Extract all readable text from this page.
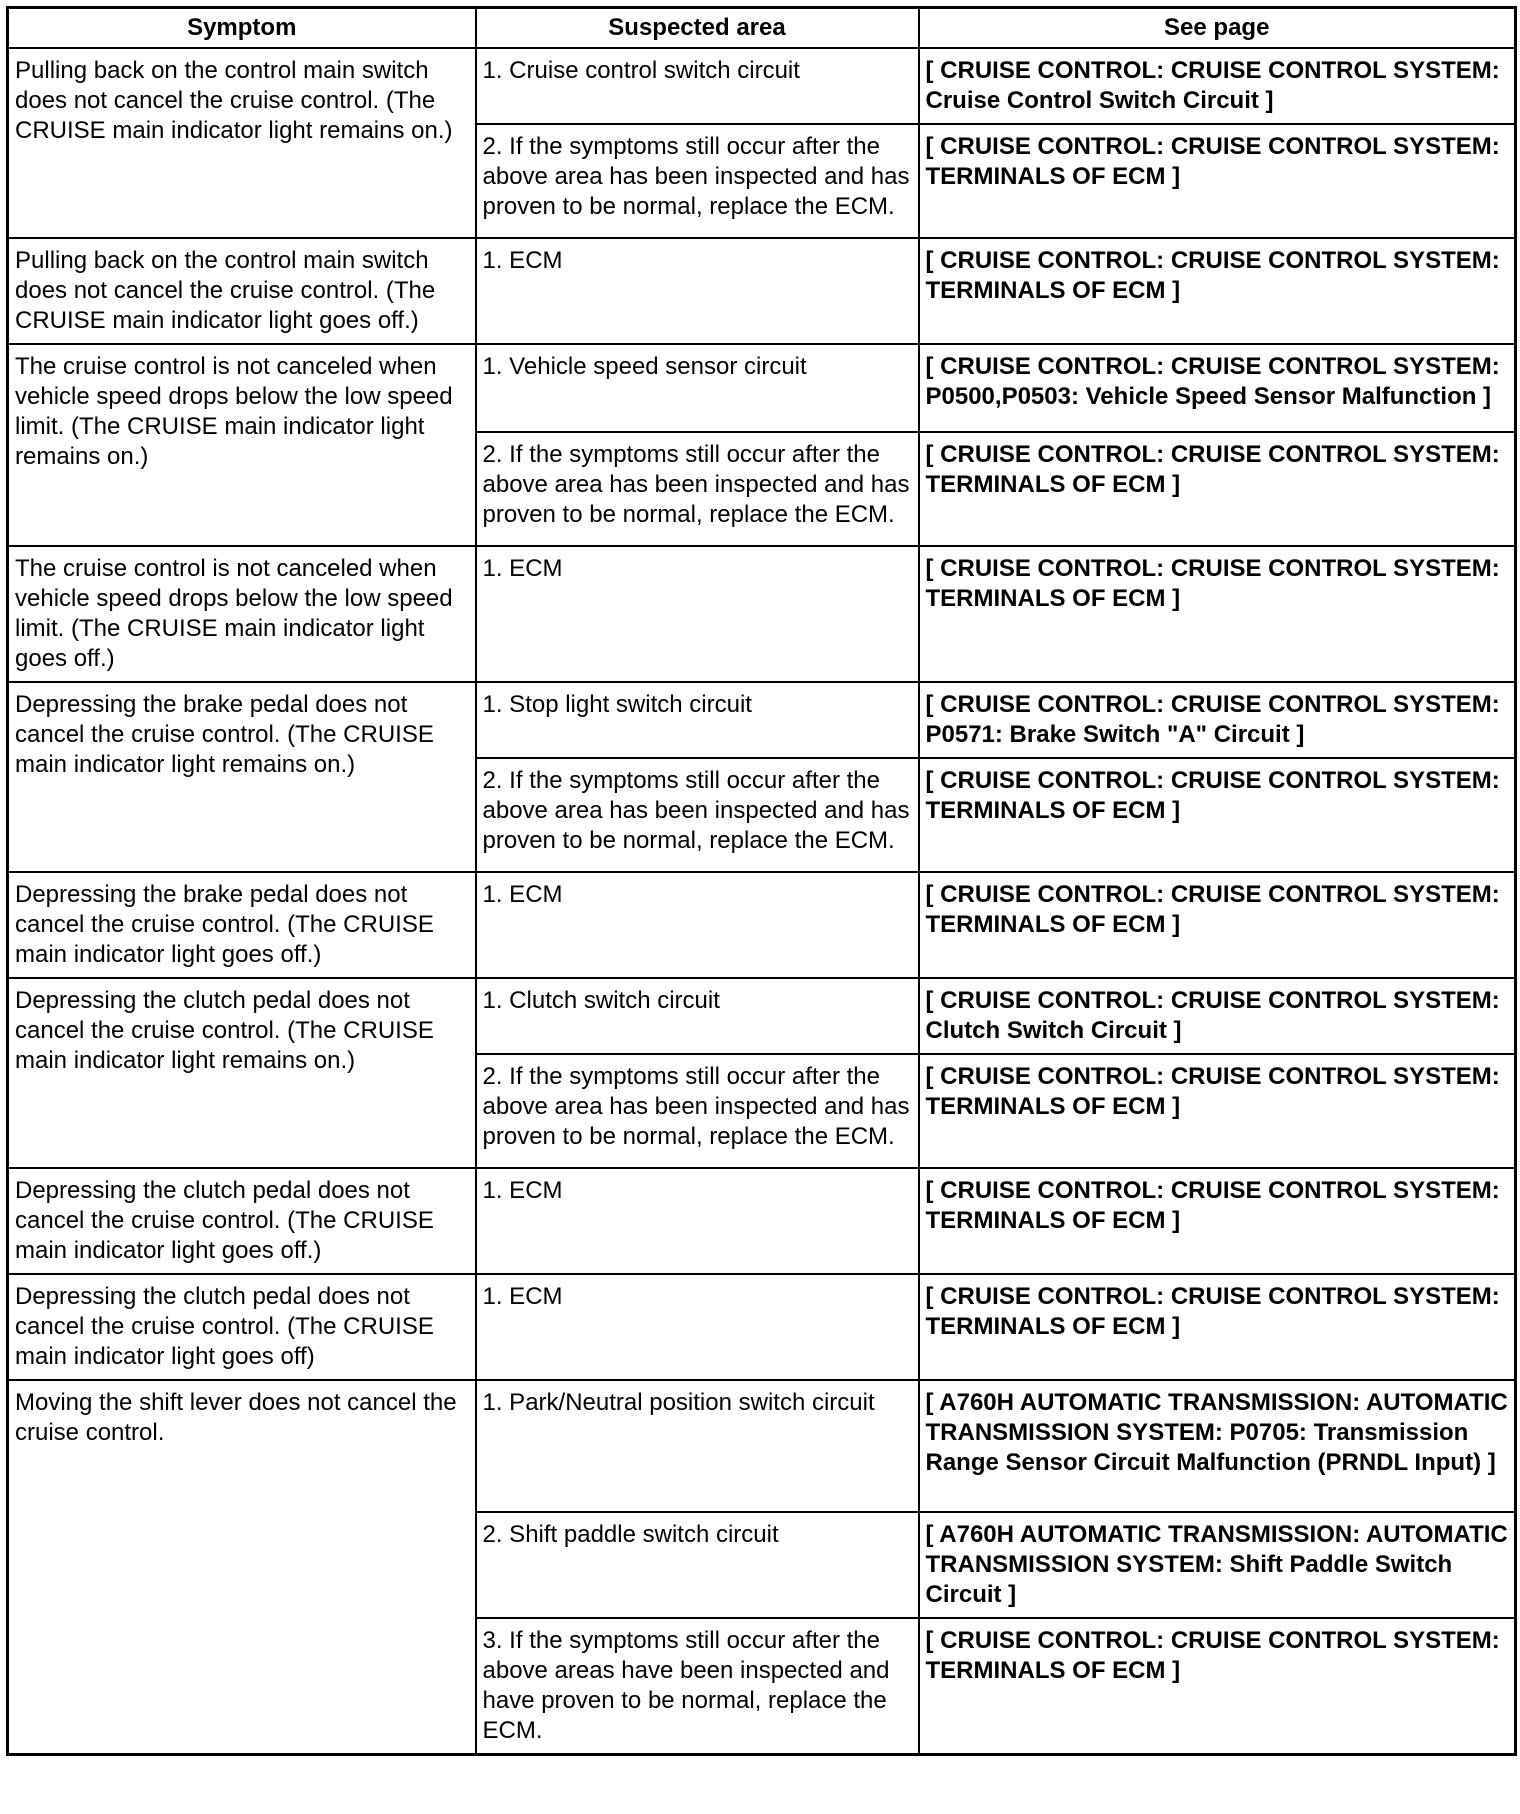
Symptom	Suspected area	See page
Pulling back on the control main switch does not cancel the cruise control. (The CRUISE main indicator light remains on.)	1. Cruise control switch circuit	[ CRUISE CONTROL: CRUISE CONTROL SYSTEM: Cruise Control Switch Circuit ]
	2. If the symptoms still occur after the above area has been inspected and has proven to be normal, replace the ECM.	[ CRUISE CONTROL: CRUISE CONTROL SYSTEM: TERMINALS OF ECM ]
Pulling back on the control main switch does not cancel the cruise control. (The CRUISE main indicator light goes off.)	1. ECM	[ CRUISE CONTROL: CRUISE CONTROL SYSTEM: TERMINALS OF ECM ]
The cruise control is not canceled when vehicle speed drops below the low speed limit. (The CRUISE main indicator light remains on.)	1. Vehicle speed sensor circuit	[ CRUISE CONTROL: CRUISE CONTROL SYSTEM: P0500,P0503: Vehicle Speed Sensor Malfunction ]
	2. If the symptoms still occur after the above area has been inspected and has proven to be normal, replace the ECM.	[ CRUISE CONTROL: CRUISE CONTROL SYSTEM: TERMINALS OF ECM ]
The cruise control is not canceled when vehicle speed drops below the low speed limit. (The CRUISE main indicator light goes off.)	1. ECM	[ CRUISE CONTROL: CRUISE CONTROL SYSTEM: TERMINALS OF ECM ]
Depressing the brake pedal does not cancel the cruise control. (The CRUISE main indicator light remains on.)	1. Stop light switch circuit	[ CRUISE CONTROL: CRUISE CONTROL SYSTEM: P0571: Brake Switch "A" Circuit ]
	2. If the symptoms still occur after the above area has been inspected and has proven to be normal, replace the ECM.	[ CRUISE CONTROL: CRUISE CONTROL SYSTEM: TERMINALS OF ECM ]
Depressing the brake pedal does not cancel the cruise control. (The CRUISE main indicator light goes off.)	1. ECM	[ CRUISE CONTROL: CRUISE CONTROL SYSTEM: TERMINALS OF ECM ]
Depressing the clutch pedal does not cancel the cruise control. (The CRUISE main indicator light remains on.)	1. Clutch switch circuit	[ CRUISE CONTROL: CRUISE CONTROL SYSTEM: Clutch Switch Circuit ]
	2. If the symptoms still occur after the above area has been inspected and has proven to be normal, replace the ECM.	[ CRUISE CONTROL: CRUISE CONTROL SYSTEM: TERMINALS OF ECM ]
Depressing the clutch pedal does not cancel the cruise control. (The CRUISE main indicator light goes off.)	1. ECM	[ CRUISE CONTROL: CRUISE CONTROL SYSTEM: TERMINALS OF ECM ]
Depressing the clutch pedal does not cancel the cruise control. (The CRUISE main indicator light goes off)	1. ECM	[ CRUISE CONTROL: CRUISE CONTROL SYSTEM: TERMINALS OF ECM ]
Moving the shift lever does not cancel the cruise control.	1. Park/Neutral position switch circuit	[ A760H AUTOMATIC TRANSMISSION: AUTOMATIC TRANSMISSION SYSTEM: P0705: Transmission Range Sensor Circuit Malfunction (PRNDL Input) ]
	2. Shift paddle switch circuit	[ A760H AUTOMATIC TRANSMISSION: AUTOMATIC TRANSMISSION SYSTEM: Shift Paddle Switch Circuit ]
	3. If the symptoms still occur after the above areas have been inspected and have proven to be normal, replace the ECM.	[ CRUISE CONTROL: CRUISE CONTROL SYSTEM: TERMINALS OF ECM ]
